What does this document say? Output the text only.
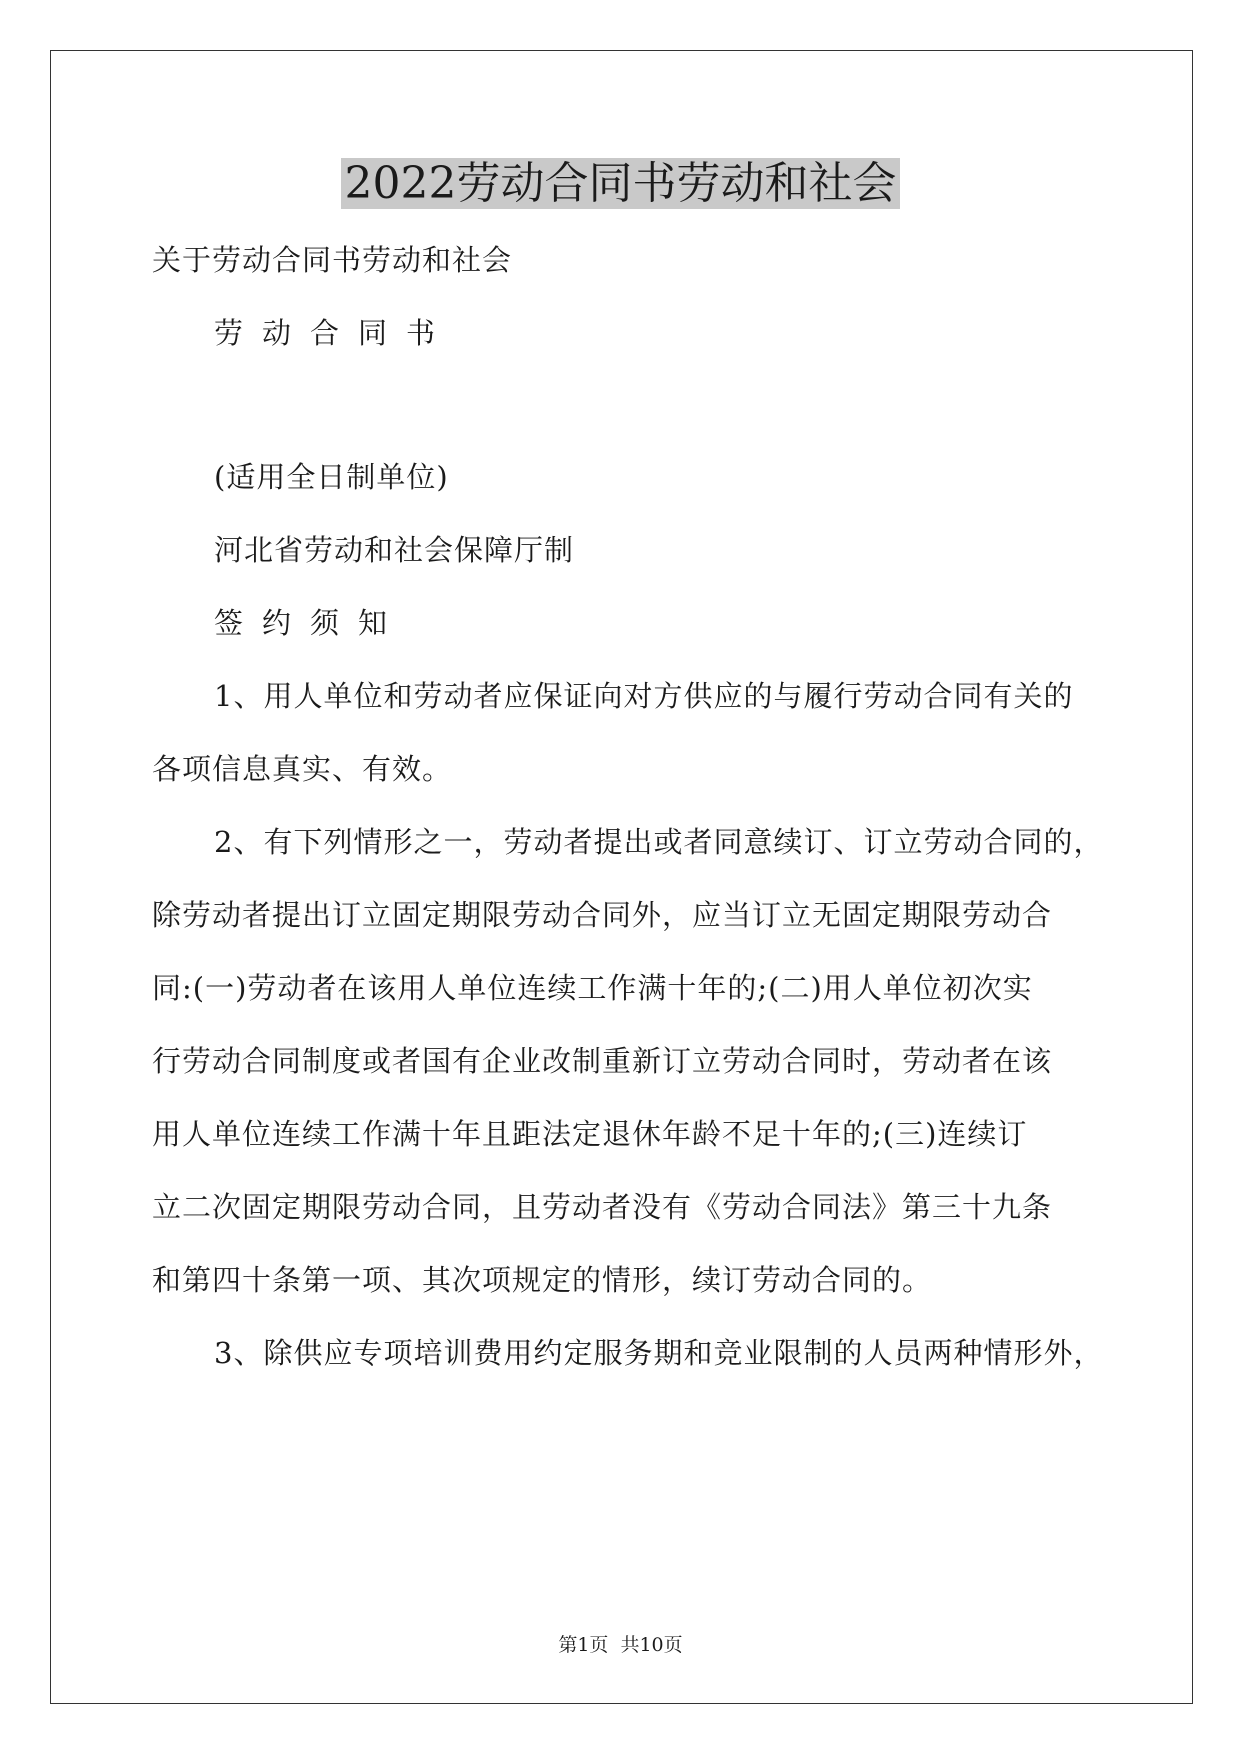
2022劳动合同书劳动和社会
关于劳动合同书劳动和社会
劳动合同书
(适用全日制单位)
河北省劳动和社会保障厅制
签约须知
1、用人单位和劳动者应保证向对方供应的与履行劳动合同有关的
各项信息真实、有效。
2、有下列情形之一，劳动者提出或者同意续订、订立劳动合同的，
除劳动者提出订立固定期限劳动合同外，应当订立无固定期限劳动合
同:(一)劳动者在该用人单位连续工作满十年的;(二)用人单位初次实
行劳动合同制度或者国有企业改制重新订立劳动合同时，劳动者在该
用人单位连续工作满十年且距法定退休年龄不足十年的;(三)连续订
立二次固定期限劳动合同，且劳动者没有《劳动合同法》第三十九条
和第四十条第一项、其次项规定的情形，续订劳动合同的。
3、除供应专项培训费用约定服务期和竞业限制的人员两种情形外，
第1页 共10页
